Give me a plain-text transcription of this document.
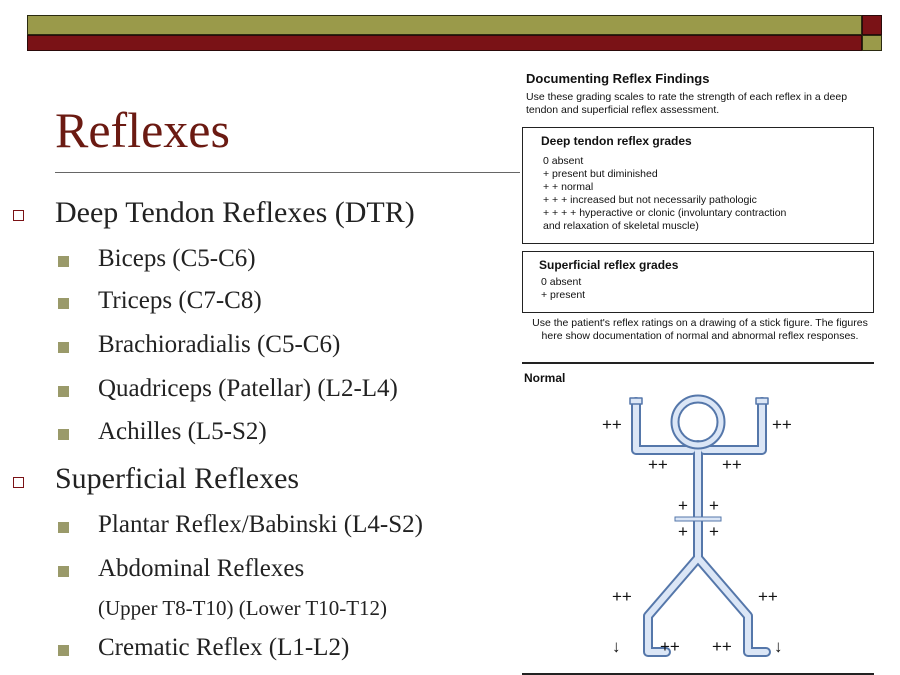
Reflexes
Deep Tendon Reflexes (DTR)
Biceps (C5-C6)
Triceps (C7-C8)
Brachioradialis (C5-C6)
Quadriceps (Patellar) (L2-L4)
Achilles (L5-S2)
Superficial Reflexes
Plantar Reflex/Babinski (L4-S2)
Abdominal Reflexes
(Upper T8-T10) (Lower T10-T12)
Crematic Reflex (L1-L2)
Documenting Reflex Findings
Use these grading scales to rate the strength of each reflex in a deep tendon and superficial reflex assessment.
Deep tendon reflex grades
0 absent
+ present but diminished
+ + normal
+ + + increased but not necessarily pathologic
+ + + + hyperactive or clonic (involuntary contraction
and relaxation of skeletal muscle)
Superficial reflex grades
0 absent
+ present
Use the patient's reflex ratings on a drawing of a stick figure. The figures here show documentation of normal and abnormal reflex responses.
Normal
++	++
++	++
+ +
+ +
++	++
++ ++
↓	↓
